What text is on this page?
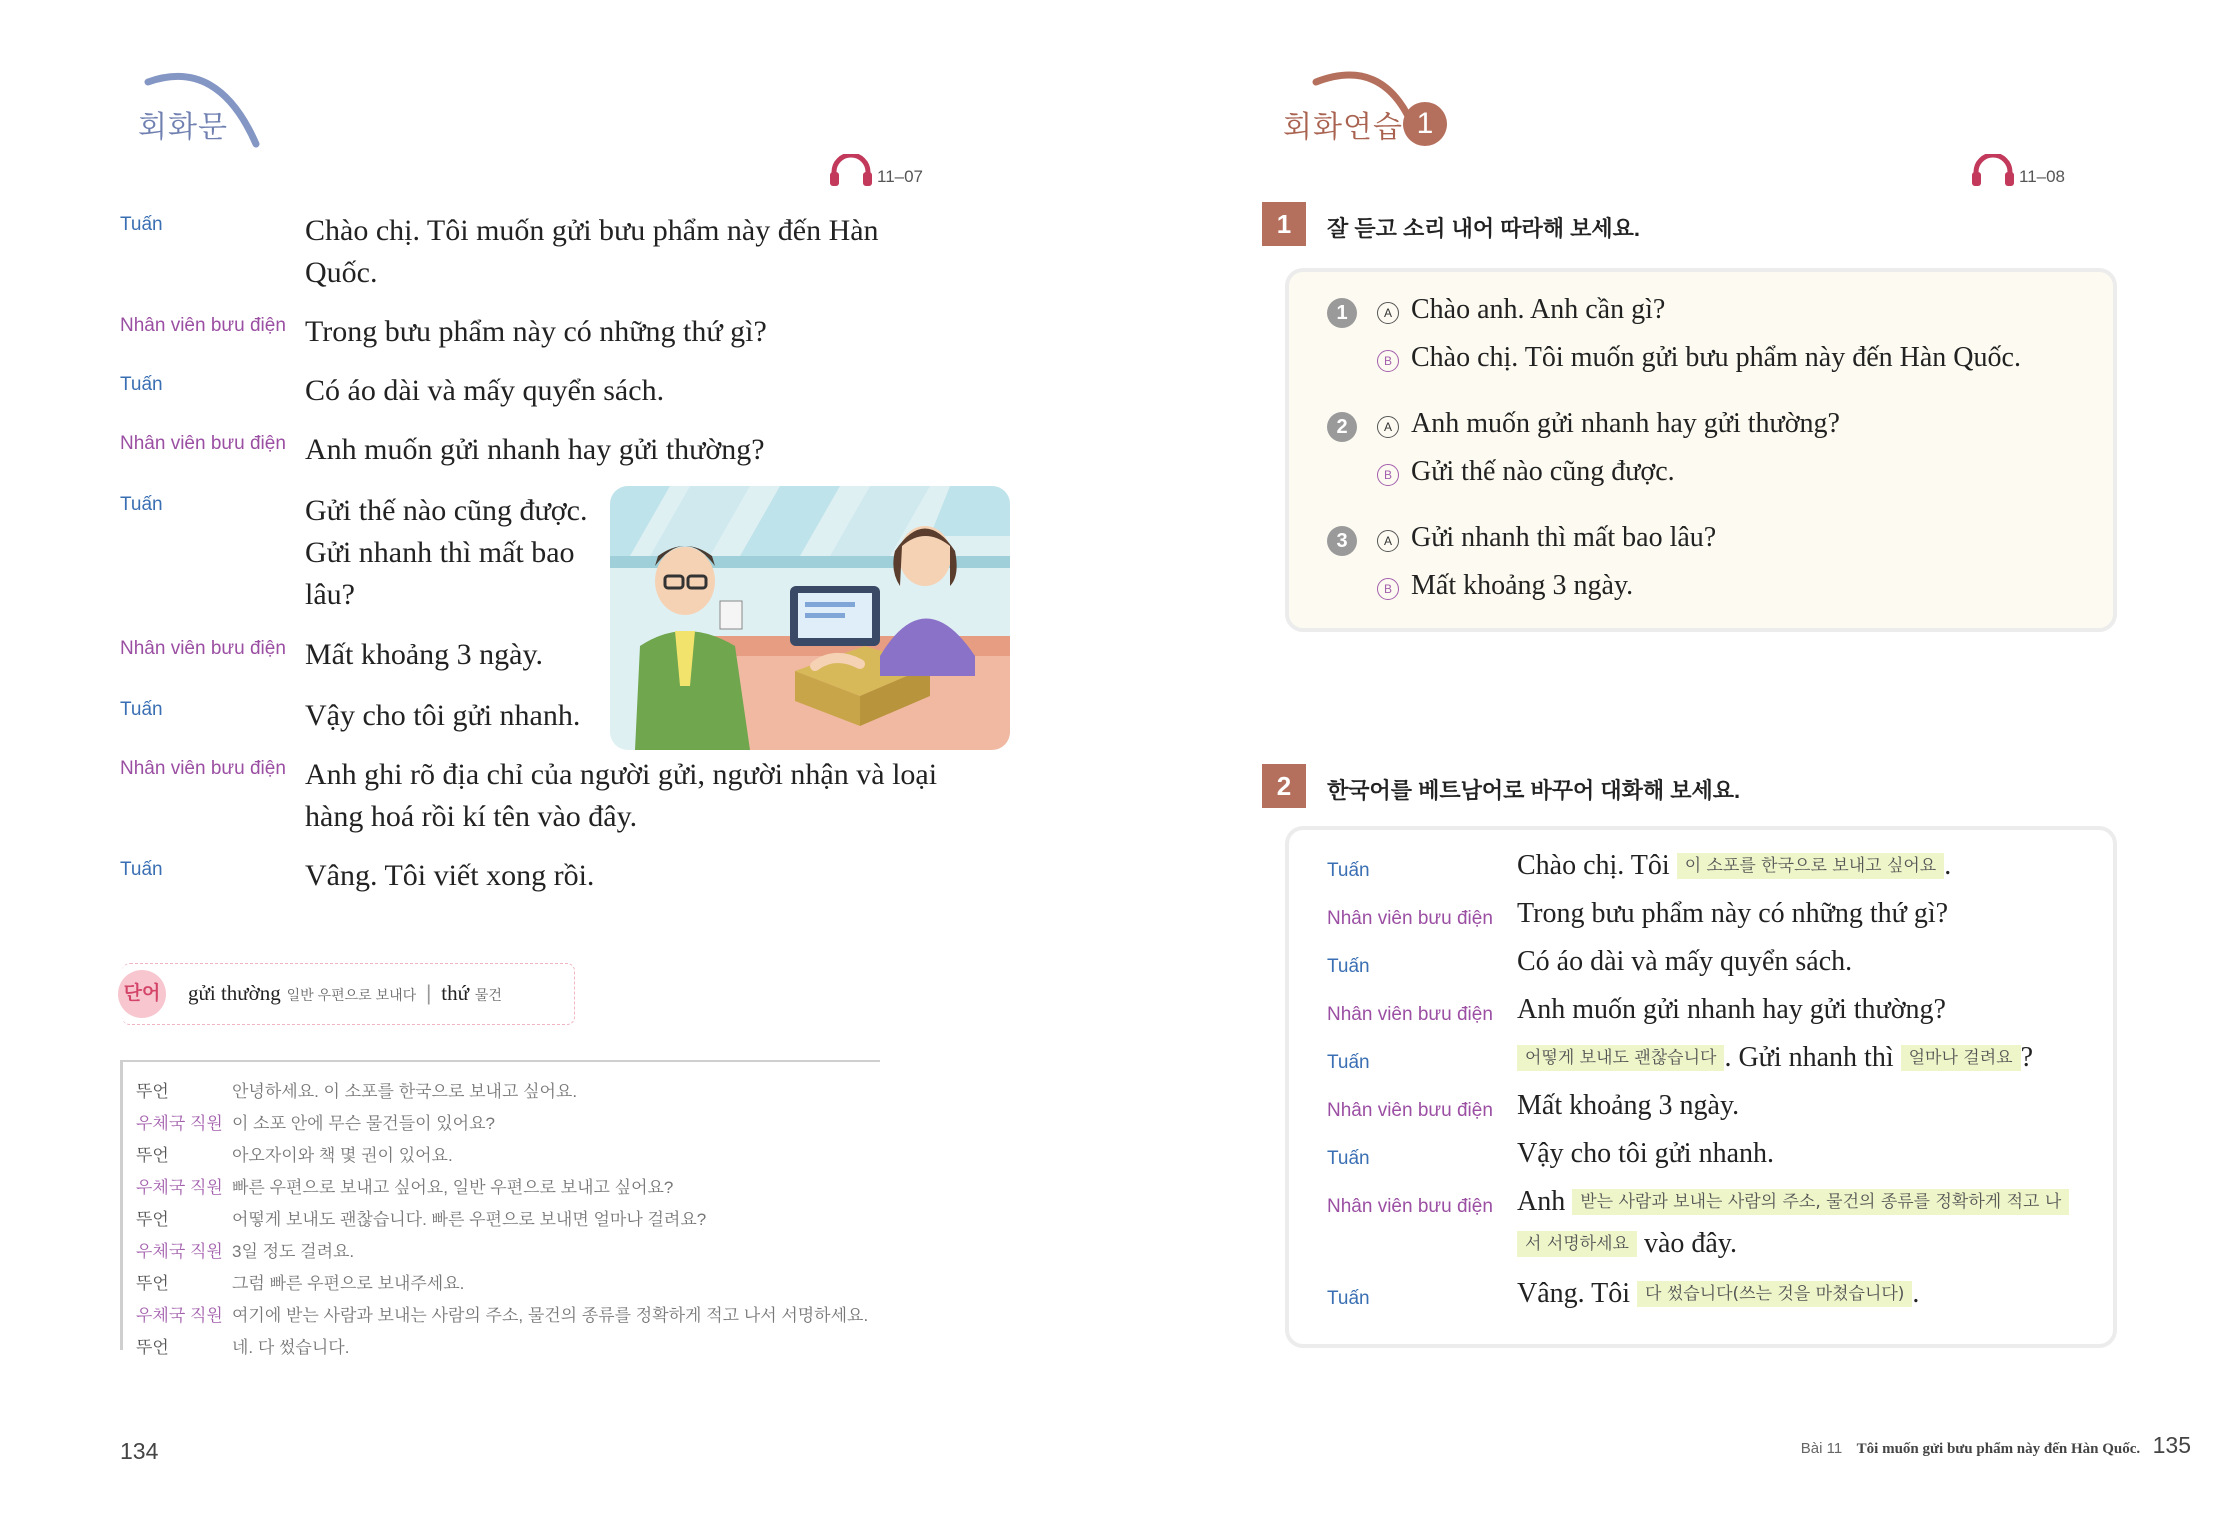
회화문
11–07
Tuấn	Chào chị. Tôi muốn gửi bưu phẩm này đến Hàn
Quốc.
Nhân viên bưu điện Trong bưu phẩm này có những thứ gì?
Tuấn	Có áo dài và mấy quyển sách.
Nhân viên bưu điện Anh muốn gửi nhanh hay gửi thường?
Tuấn	Gửi thế nào cũng được.
Gửi nhanh thì mất bao
lâu?
Nhân viên bưu điện Mất khoảng 3 ngày.
Tuấn	Vậy cho tôi gửi nhanh.
Nhân viên bưu điện Anh ghi rõ địa chỉ của người gửi, người nhận và loại
hàng hoá rồi kí tên vào đây.
Tuấn	Vâng. Tôi viết xong rồi.
단어 gửi thường 일반 우편으로 보내다 | thứ 물건
뚜언	안녕하세요. 이 소포를 한국으로 보내고 싶어요.
우체국 직원 이 소포 안에 무슨 물건들이 있어요?
뚜언	아오자이와 책 몇 권이 있어요.
우체국 직원 빠른 우편으로 보내고 싶어요, 일반 우편으로 보내고 싶어요?
뚜언	어떻게 보내도 괜찮습니다. 빠른 우편으로 보내면 얼마나 걸려요?
우체국 직원 3일 정도 걸려요.
뚜언	그럼 빠른 우편으로 보내주세요.
우체국 직원 여기에 받는 사람과 보내는 사람의 주소, 물건의 종류를 정확하게 적고 나서 서명하세요.
뚜언	네. 다 썼습니다.
134
회화연습 1
11–08
1	잘 듣고 소리 내어 따라해 보세요.
1	A Chào anh. Anh cần gì?
B Chào chị. Tôi muốn gửi bưu phẩm này đến Hàn Quốc.
2	A Anh muốn gửi nhanh hay gửi thường?
B Gửi thế nào cũng được.
3	A Gửi nhanh thì mất bao lâu?
B Mất khoảng 3 ngày.
2	한국어를 베트남어로 바꾸어 대화해 보세요.
Tuấn	Chào chị. Tôi 이 소포를 한국으로 보내고 싶어요 .
Nhân viên bưu điện Trong bưu phẩm này có những thứ gì?
Tuấn	Có áo dài và mấy quyển sách.
Nhân viên bưu điện Anh muốn gửi nhanh hay gửi thường?
Tuấn	어떻게 보내도 괜찮습니다 . Gửi nhanh thì 얼마나 걸려요 ?
Nhân viên bưu điện Mất khoảng 3 ngày.
Tuấn	Vậy cho tôi gửi nhanh.
Nhân viên bưu điện Anh 받는 사람과 보내는 사람의 주소, 물건의 종류를 정확하게 적고 나
서 서명하세요 vào đây.
Tuấn	Vâng. Tôi 다 썼습니다(쓰는 것을 마쳤습니다) .
Bài 11 Tôi muốn gửi bưu phẩm này đến Hàn Quốc. 135
